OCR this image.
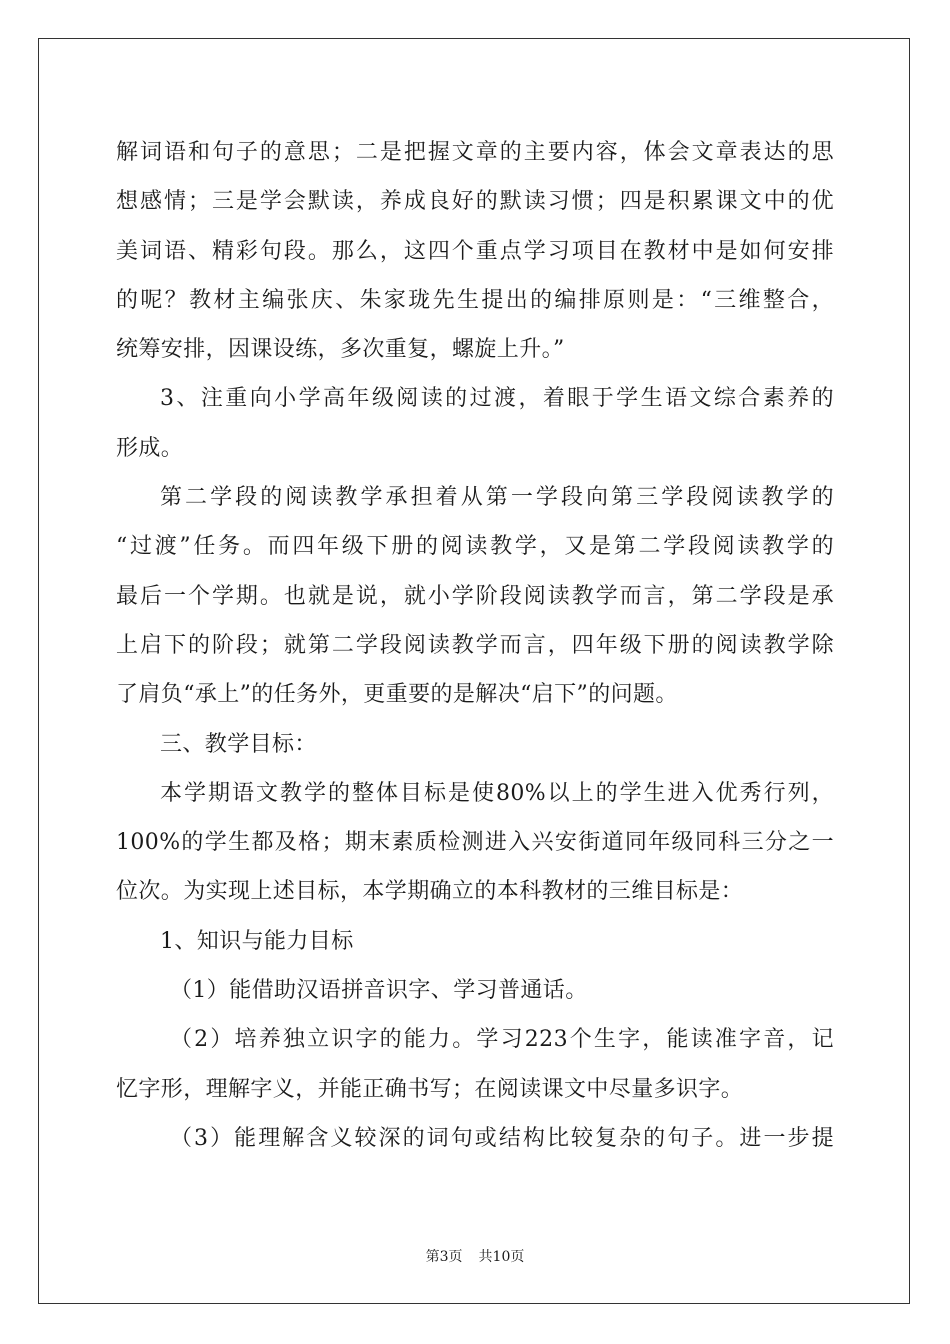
解词语和句子的意思；二是把握文章的主要内容，体会文章表达的思
想感情；三是学会默读，养成良好的默读习惯；四是积累课文中的优
美词语、精彩句段。那么，这四个重点学习项目在教材中是如何安排
的呢？教材主编张庆、朱家珑先生提出的编排原则是：“三维整合，
统筹安排，因课设练，多次重复，螺旋上升。”
3、注重向小学高年级阅读的过渡，着眼于学生语文综合素养的
形成。
第二学段的阅读教学承担着从第一学段向第三学段阅读教学的
“过渡”任务。而四年级下册的阅读教学，又是第二学段阅读教学的
最后一个学期。也就是说，就小学阶段阅读教学而言，第二学段是承
上启下的阶段；就第二学段阅读教学而言，四年级下册的阅读教学除
了肩负“承上”的任务外，更重要的是解决“启下”的问题。
三、教学目标：
本学期语文教学的整体目标是使80%以上的学生进入优秀行列，
100%的学生都及格；期末素质检测进入兴安街道同年级同科三分之一
位次。为实现上述目标，本学期确立的本科教材的三维目标是：
1、知识与能力目标
（1）能借助汉语拼音识字、学习普通话。
（2）培养独立识字的能力。学习223个生字，能读准字音，记
忆字形，理解字义，并能正确书写；在阅读课文中尽量多识字。
（3）能理解含义较深的词句或结构比较复杂的句子。进一步提
第3页 共10页
